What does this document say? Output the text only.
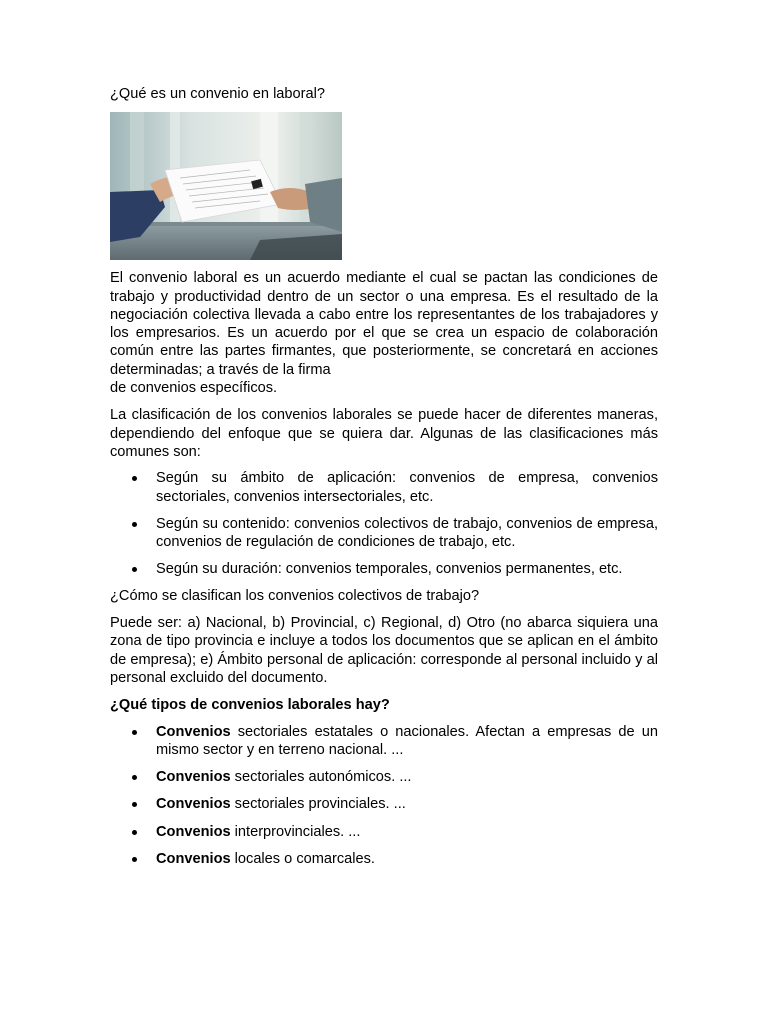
¿Qué es un convenio en laboral?

El convenio laboral es un acuerdo mediante el cual se pactan las condiciones de trabajo y productividad dentro de un sector o una empresa. Es el resultado de la negociación colectiva llevada a cabo entre los representantes de los trabajadores y los empresarios. Es un acuerdo por el que se crea un espacio de colaboración común entre las partes firmantes, que posteriormente, se concretará en acciones determinadas; a través de la firma

de convenios específicos.

La clasificación de los convenios laborales se puede hacer de diferentes maneras, dependiendo del enfoque que se quiera dar. Algunas de las clasificaciones más comunes son:

Según su ámbito de aplicación: convenios de empresa, convenios sectoriales, convenios intersectoriales, etc.
Según su contenido: convenios colectivos de trabajo, convenios de empresa, convenios de regulación de condiciones de trabajo, etc.
Según su duración: convenios temporales, convenios permanentes, etc.

¿Cómo se clasifican los convenios colectivos de trabajo?

Puede ser: a) Nacional, b) Provincial, c) Regional, d) Otro (no abarca siquiera una zona de tipo provincia e incluye a todos los documentos que se aplican en el ámbito de empresa); e) Ámbito personal de aplicación: corresponde al personal incluido y al personal excluido del documento.

¿Qué tipos de convenios laborales hay?

Convenios sectoriales estatales o nacionales. Afectan a empresas de un mismo sector y en terreno nacional. ...
Convenios sectoriales autonómicos. ...
Convenios sectoriales provinciales. ...
Convenios interprovinciales. ...
Convenios locales o comarcales.
